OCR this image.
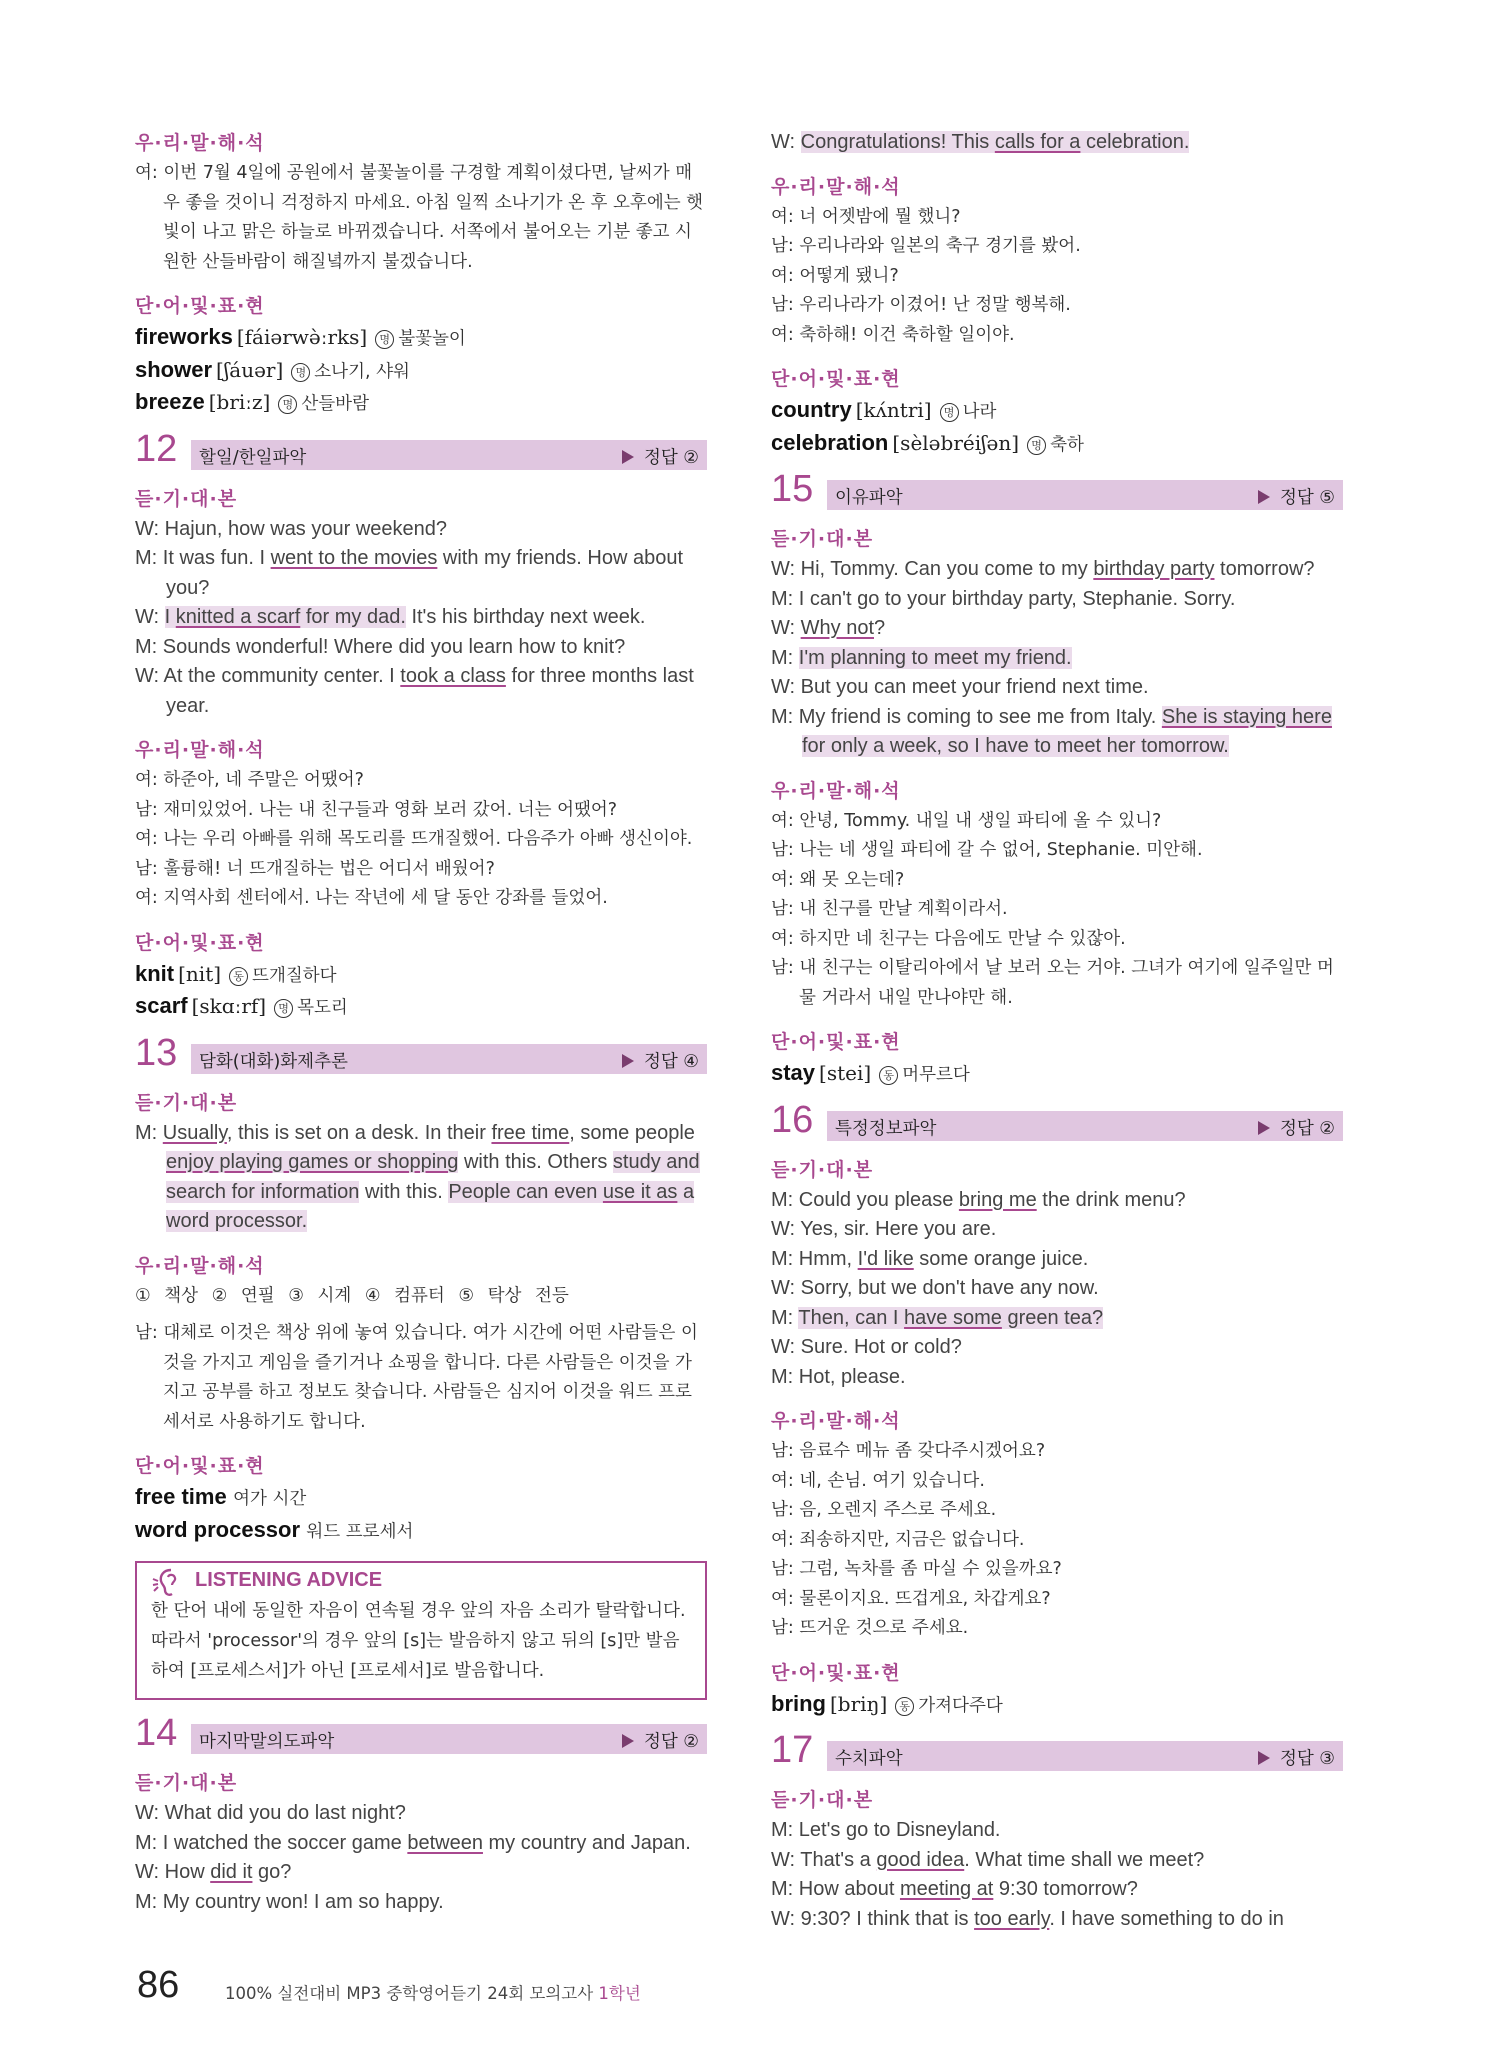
우·리·말·해·석
여: 이번 7월 4일에 공원에서 불꽃놀이를 구경할 계획이셨다면, 날씨가 매우 좋을 것이니 걱정하지 마세요. 아침 일찍 소나기가 온 후 오후에는 햇빛이 나고 맑은 하늘로 바뀌겠습니다. 서쪽에서 불어오는 기분 좋고 시원한 산들바람이 해질녘까지 불겠습니다.
단·어·및·표·현
fireworks [fáiərwə̀ːrks] 명 불꽃놀이
shower [ʃáuər] 명 소나기, 샤워
breeze [briːz] 명 산들바람
12 할일/한일파악	정답 ②
듣·기·대·본
W: Hajun, how was your weekend?
M: It was fun. I went to the movies with my friends. How about you?
W: I knitted a scarf for my dad. It's his birthday next week.
M: Sounds wonderful! Where did you learn how to knit?
W: At the community center. I took a class for three months last year.
우·리·말·해·석
여: 하준아, 네 주말은 어땠어?
남: 재미있었어. 나는 내 친구들과 영화 보러 갔어. 너는 어땠어?
여: 나는 우리 아빠를 위해 목도리를 뜨개질했어. 다음주가 아빠 생신이야.
남: 훌륭해! 너 뜨개질하는 법은 어디서 배웠어?
여: 지역사회 센터에서. 나는 작년에 세 달 동안 강좌를 들었어.
단·어·및·표·현
knit [nit] 동 뜨개질하다
scarf [skɑːrf] 명 목도리
13 담화(대화)화제추론	정답 ④
듣·기·대·본
M: Usually, this is set on a desk. In their free time, some people enjoy playing games or shopping with this. Others study and search for information with this. People can even use it as a word processor.
우·리·말·해·석
① 책상 ② 연필 ③ 시계 ④ 컴퓨터 ⑤ 탁상 전등
남: 대체로 이것은 책상 위에 놓여 있습니다. 여가 시간에 어떤 사람들은 이것을 가지고 게임을 즐기거나 쇼핑을 합니다. 다른 사람들은 이것을 가지고 공부를 하고 정보도 찾습니다. 사람들은 심지어 이것을 워드 프로세서로 사용하기도 합니다.
단·어·및·표·현
free time 여가 시간
word processor 워드 프로세서
LISTENING ADVICE
한 단어 내에 동일한 자음이 연속될 경우 앞의 자음 소리가 탈락합니다. 따라서 'processor'의 경우 앞의 [s]는 발음하지 않고 뒤의 [s]만 발음하여 [프로세스서]가 아닌 [프로세서]로 발음합니다.
14 마지막말의도파악	정답 ②
듣·기·대·본
W: What did you do last night?
M: I watched the soccer game between my country and Japan.
W: How did it go?
M: My country won! I am so happy.
W: Congratulations! This calls for a celebration.
우·리·말·해·석
여: 너 어젯밤에 뭘 했니?
남: 우리나라와 일본의 축구 경기를 봤어.
여: 어떻게 됐니?
남: 우리나라가 이겼어! 난 정말 행복해.
여: 축하해! 이건 축하할 일이야.
단·어·및·표·현
country [kʌ́ntri] 명 나라
celebration [sèləbréiʃən] 명 축하
15 이유파악	정답 ⑤
듣·기·대·본
W: Hi, Tommy. Can you come to my birthday party tomorrow?
M: I can't go to your birthday party, Stephanie. Sorry.
W: Why not?
M: I'm planning to meet my friend.
W: But you can meet your friend next time.
M: My friend is coming to see me from Italy. She is staying here for only a week, so I have to meet her tomorrow.
우·리·말·해·석
여: 안녕, Tommy. 내일 내 생일 파티에 올 수 있니?
남: 나는 네 생일 파티에 갈 수 없어, Stephanie. 미안해.
여: 왜 못 오는데?
남: 내 친구를 만날 계획이라서.
여: 하지만 네 친구는 다음에도 만날 수 있잖아.
남: 내 친구는 이탈리아에서 날 보러 오는 거야. 그녀가 여기에 일주일만 머물 거라서 내일 만나야만 해.
단·어·및·표·현
stay [stei] 동 머무르다
16 특정정보파악	정답 ②
듣·기·대·본
M: Could you please bring me the drink menu?
W: Yes, sir. Here you are.
M: Hmm, I'd like some orange juice.
W: Sorry, but we don't have any now.
M: Then, can I have some green tea?
W: Sure. Hot or cold?
M: Hot, please.
우·리·말·해·석
남: 음료수 메뉴 좀 갖다주시겠어요?
여: 네, 손님. 여기 있습니다.
남: 음, 오렌지 주스로 주세요.
여: 죄송하지만, 지금은 없습니다.
남: 그럼, 녹차를 좀 마실 수 있을까요?
여: 물론이지요. 뜨겁게요, 차갑게요?
남: 뜨거운 것으로 주세요.
단·어·및·표·현
bring [briŋ] 동 가져다주다
17 수치파악	정답 ③
듣·기·대·본
M: Let's go to Disneyland.
W: That's a good idea. What time shall we meet?
M: How about meeting at 9:30 tomorrow?
W: 9:30? I think that is too early. I have something to do in
86	100% 실전대비 MP3 중학영어듣기 24회 모의고사 1학년
